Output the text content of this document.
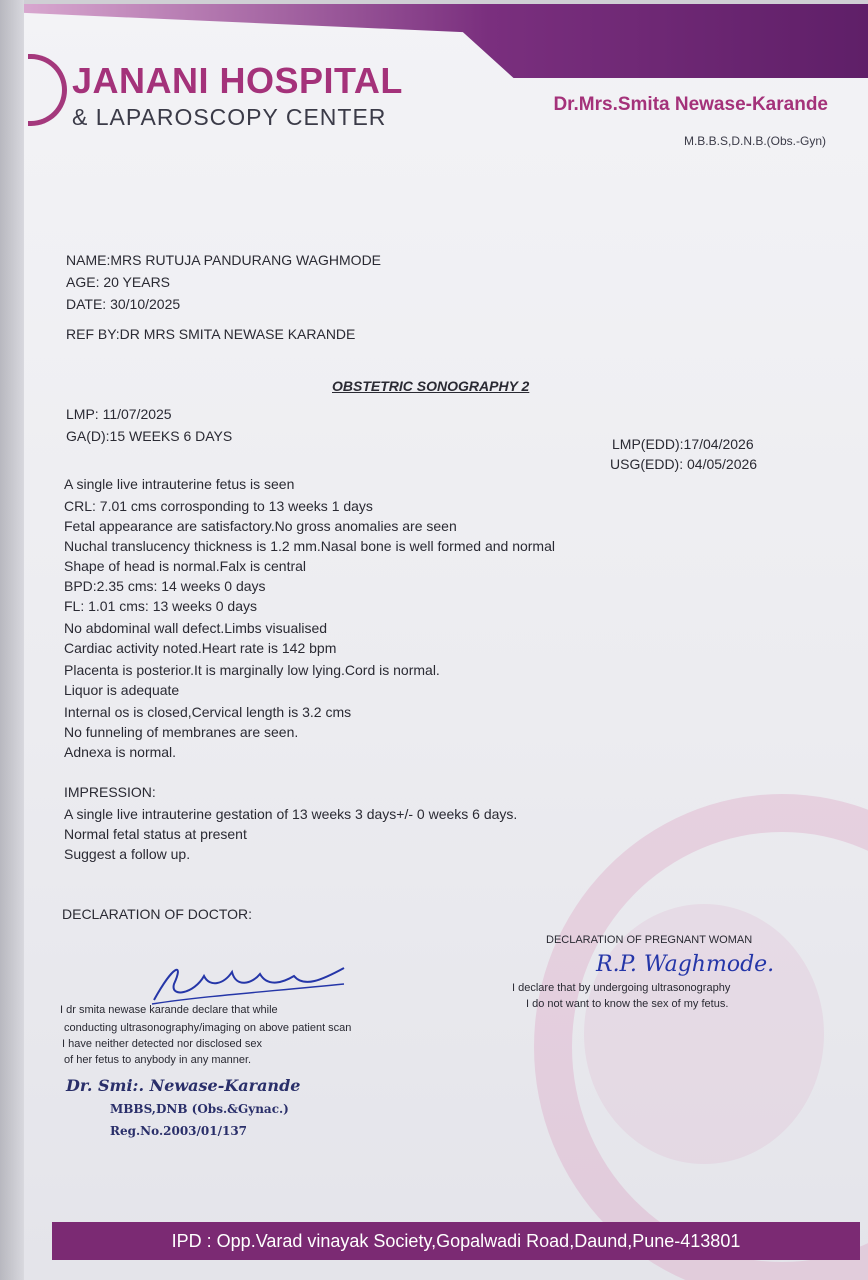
JANANI HOSPITAL
& LAPAROSCOPY CENTER	Dr.Mrs.Smita Newase-Karande
M.B.B.S,D.N.B.(Obs.-Gyn)
NAME:MRS RUTUJA PANDURANG WAGHMODE
AGE: 20 YEARS
DATE: 30/10/2025
REF BY:DR MRS SMITA NEWASE KARANDE
OBSTETRIC SONOGRAPHY 2
LMP: 11/07/2025
GA(D):15 WEEKS 6 DAYS	LMP(EDD):17/04/2026
USG(EDD): 04/05/2026
A single live intrauterine fetus is seen
CRL: 7.01 cms corrosponding to 13 weeks 1 days
Fetal appearance are satisfactory.No gross anomalies are seen
Nuchal translucency thickness is 1.2 mm.Nasal bone is well formed and normal
Shape of head is normal.Falx is central
BPD:2.35 cms: 14 weeks 0 days
FL: 1.01 cms: 13 weeks 0 days
No abdominal wall defect.Limbs visualised
Cardiac activity noted.Heart rate is 142 bpm
Placenta is posterior.It is marginally low lying.Cord is normal.
Liquor is adequate
Internal os is closed,Cervical length is 3.2 cms
No funneling of membranes are seen.
Adnexa is normal.
IMPRESSION:
A single live intrauterine gestation of 13 weeks 3 days+/- 0 weeks 6 days.
Normal fetal status at present
Suggest a follow up.
DECLARATION OF DOCTOR:
I dr smita newase karande declare that while
conducting ultrasonography/imaging on above patient scan
I have neither detected nor disclosed sex
of her fetus to anybody in any manner.
Dr. Smi:. Newase-Karande
MBBS,DNB (Obs.&Gynac.)
Reg.No.2003/01/137
DECLARATION OF PREGNANT WOMAN
R.P. Waghmode.
I declare that by undergoing ultrasonography
I do not want to know the sex of my fetus.
IPD : Opp.Varad vinayak Society,Gopalwadi Road,Daund,Pune-413801
